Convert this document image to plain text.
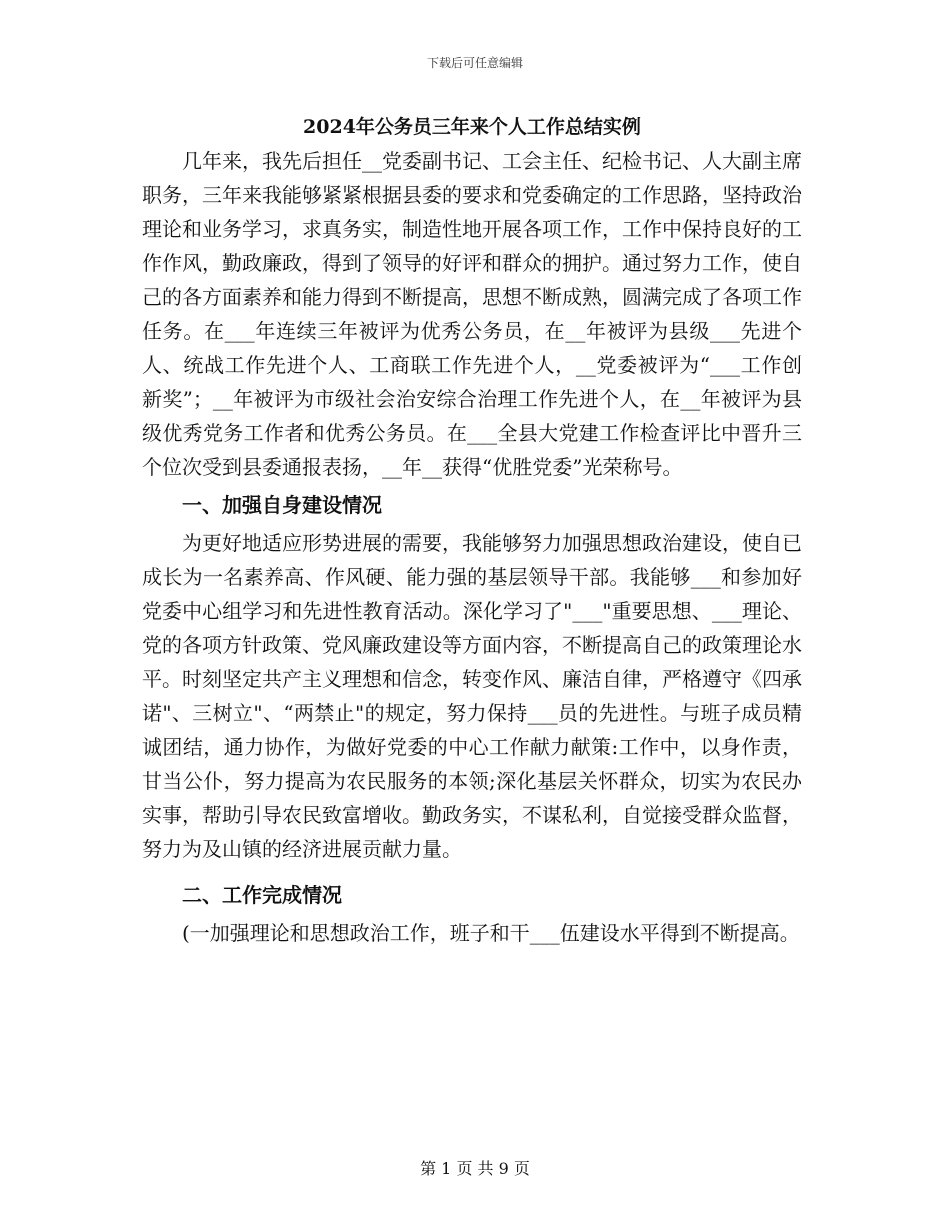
下载后可任意编辑
2024年公务员三年来个人工作总结实例

几年来，我先后担任__党委副书记、工会主任、纪检书记、人大副主席职务，三年来我能够紧紧根据县委的要求和党委确定的工作思路，坚持政治理论和业务学习，求真务实，制造性地开展各项工作，工作中保持良好的工作作风，勤政廉政，得到了领导的好评和群众的拥护。通过努力工作，使自己的各方面素养和能力得到不断提高，思想不断成熟，圆满完成了各项工作任务。在___年连续三年被评为优秀公务员，在__年被评为县级___先进个人、统战工作先进个人、工商联工作先进个人，__党委被评为“___工作创新奖”；__年被评为市级社会治安综合治理工作先进个人，在__年被评为县级优秀党务工作者和优秀公务员。在___全县大党建工作检查评比中晋升三个位次受到县委通报表扬，__年__获得“优胜党委”光荣称号。

一、加强自身建设情况

为更好地适应形势进展的需要，我能够努力加强思想政治建设，使自已成长为一名素养高、作风硬、能力强的基层领导干部。我能够___和参加好党委中心组学习和先进性教育活动。深化学习了"___"重要思想、___理论、党的各项方针政策、党风廉政建设等方面内容，不断提高自己的政策理论水平。时刻坚定共产主义理想和信念，转变作风、廉洁自律，严格遵守《四承诺"、三树立"、“两禁止"的规定，努力保持___员的先进性。与班子成员精诚团结，通力协作，为做好党委的中心工作献力献策:工作中，以身作责，甘当公仆，努力提高为农民服务的本领;深化基层关怀群众，切实为农民办实事，帮助引导农民致富增收。勤政务实，不谋私利，自觉接受群众监督，努力为及山镇的经济进展贡献力量。

二、工作完成情况

(一加强理论和思想政治工作，班子和干___伍建设水平得到不断提高。

第 1 页 共 9 页
